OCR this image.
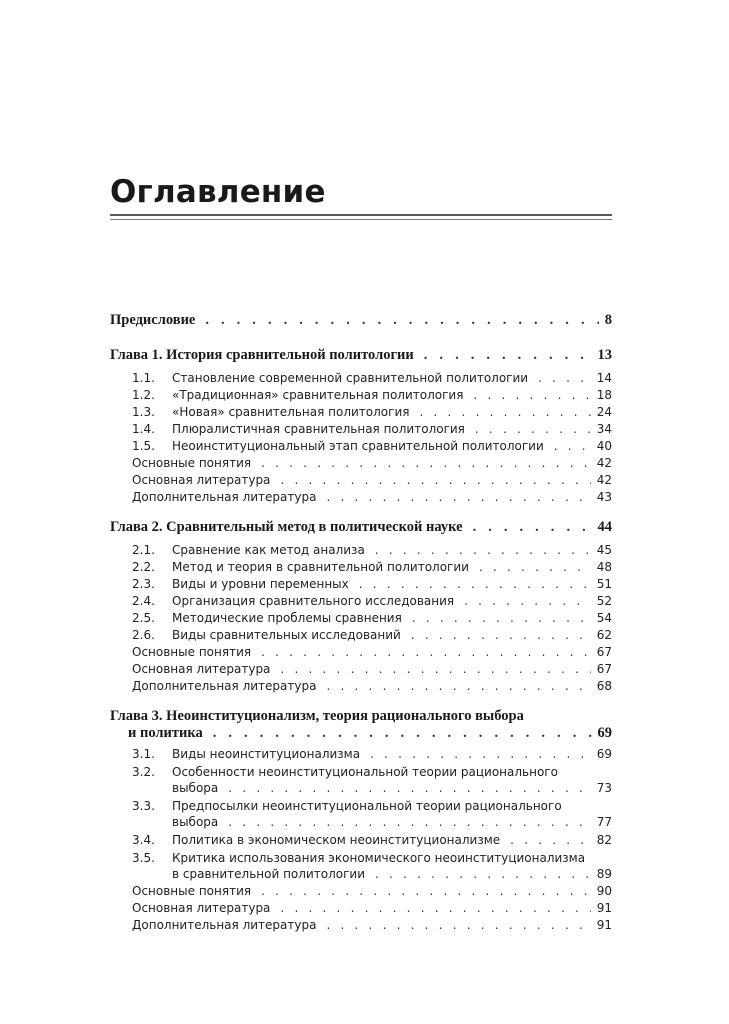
Оглавление
Предисловие . . .	8
Глава 1. История сравнительной политологии . . .	13
1.1.	Становление современной сравнительной политологии . . .	14
1.2.	«Традиционная» сравнительная политология . . .	18
1.3.	«Новая» сравнительная политология . . .	24
1.4.	Плюралистичная сравнительная политология . . .	34
1.5.	Неоинституциональный этап сравнительной политологии . . .	40
Основные понятия . . .	42
Основная литература . . .	42
Дополнительная литература . . .	43
Глава 2. Сравнительный метод в политической науке . . .	44
2.1.	Сравнение как метод анализа . . .	45
2.2.	Метод и теория в сравнительной политологии . . .	48
2.3.	Виды и уровни переменных . . .	51
2.4.	Организация сравнительного исследования . . .	52
2.5.	Методические проблемы сравнения . . .	54
2.6.	Виды сравнительных исследований . . .	62
Основные понятия . . .	67
Основная литература . . .	67
Дополнительная литература . . .	68
Глава 3. Неоинституционализм, теория рационального выбора
и политика . . .	69
3.1.	Виды неоинституционализма . . .	69
3.2.	Особенности неоинституциональной теории рационального
выбора . . .	73
3.3.	Предпосылки неоинституциональной теории рационального
выбора . . .	77
3.4.	Политика в экономическом неоинституционализме . . .	82
3.5.	Критика использования экономического неоинституционализма
в сравнительной политологии . . .	89
Основные понятия . . .	90
Основная литература . . .	91
Дополнительная литература . . .	91
